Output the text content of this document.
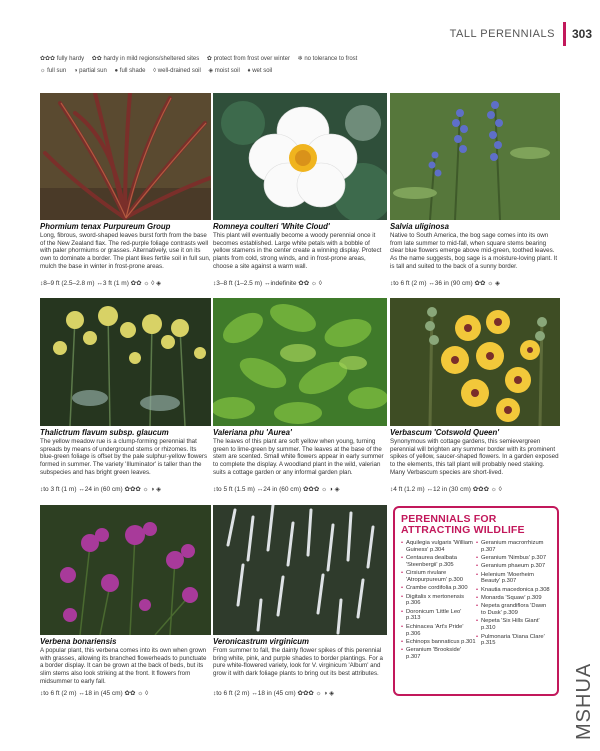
TALL PERENNIALS	303
✿✿✿ fully hardy ✿✿ hardy in mild regions/sheltered sites ✿ protect from frost over winter ❄ no tolerance to frost
☼ full sun ◑ partial sun ● full shade ◊ well-drained soil ◈ moist soil ♦ wet soil
Phormium tenax Purpureum Group
Long, fibrous, sword-shaped leaves burst forth from the base of the New Zealand flax. The red-purple foliage contrasts well with paler phormiums or grasses. Alternatively, use it on its own to dominate a border. The plant likes fertile soil in full sun, mulch the base in winter in frost-prone areas.
↕8–9 ft (2.5–2.8 m) ↔3 ft (1 m) ✿✿ ☼ ◊ ◈
Romneya coulteri 'White Cloud'
This plant will eventually become a woody perennial once it becomes established. Large white petals with a bobble of yellow stamens in the center create a winning display. Protect plants from cold, strong winds, and in frost-prone areas, choose a site against a warm wall.
↕3–8 ft (1–2.5 m) ↔indefinite ✿✿ ☼ ◊
Salvia uliginosa
Native to South America, the bog sage comes into its own from late summer to mid-fall, when square stems bearing clear blue flowers emerge above mid-green, toothed leaves. As the name suggests, bog sage is a moisture-loving plant. It is tall and suited to the back of a sunny border.
↕to 6 ft (2 m) ↔36 in (90 cm) ✿✿ ☼ ◈
Thalictrum flavum subsp. glaucum
The yellow meadow rue is a clump-forming perennial that spreads by means of underground stems or rhizomes. Its blue-green foliage is offset by the pale sulphur-yellow flowers formed in summer. The variety 'Illuminator' is taller than the subspecies and has bright green leaves.
↕to 3 ft (1 m) ↔24 in (60 cm) ✿✿✿ ☼ ◑ ◈
Valeriana phu 'Aurea'
The leaves of this plant are soft yellow when young, turning green to lime-green by summer. The leaves at the base of the stem are scented. Small white flowers appear in early summer to complete the display. A woodland plant in the wild, valerian suits a cottage garden or any informal garden plan.
↕to 5 ft (1.5 m) ↔24 in (60 cm) ✿✿✿ ☼ ◑ ◈
Verbascum 'Cotswold Queen'
Synonymous with cottage gardens, this semievergreen perennial will brighten any summer border with its prominent spikes of yellow, saucer-shaped flowers. In a garden exposed to the elements, this tall plant will probably need staking. Many Verbascum species are short-lived.
↕4 ft (1.2 m) ↔12 in (30 cm) ✿✿✿ ☼ ◊
Verbena bonariensis
A popular plant, this verbena comes into its own when grown with grasses, allowing its branched flowerheads to punctuate a border display. It can be grown at the back of beds, but its slim stems also look striking at the front. It flowers from midsummer to early fall.
↕to 6 ft (2 m) ↔18 in (45 cm) ✿✿ ☼ ◊
Veronicastrum virginicum
From summer to fall, the dainty flower spikes of this perennial bring white, pink, and purple shades to border plantings. For a pure white-flowered variety, look for V. virginicum 'Album' and grow it with dark foliage plants to bring out its best attributes.
↕to 6 ft (2 m) ↔18 in (45 cm) ✿✿✿ ☼ ◑ ◈
PERENNIALS FOR ATTRACTING WILDLIFE
• Aquilegia vulgaris 'William Guiness' p.304
• Centaurea dealbata 'Steenbergii' p.305
• Cirsium rivulare 'Atropurpureum' p.300
• Crambe cordifolia p.300
• Digitalis x mertonensis p.306
• Doronicum 'Little Leo' p.313
• Echinacea 'Art's Pride' p.306
• Echinops bannaticus p.301
• Geranium 'Brookside' p.307
• Geranium macrorrhizum p.307
• Geranium 'Nimbus' p.307
• Geranium phaeum p.307
• Helenium 'Moerheim Beauty' p.307
• Knautia macedonica p.308
• Monarda 'Squaw' p.309
• Nepeta grandiflora 'Dawn to Dusk' p.309
• Nepeta 'Six Hills Giant' p.310
• Pulmonaria 'Diana Clare' p.315
MSHUA
